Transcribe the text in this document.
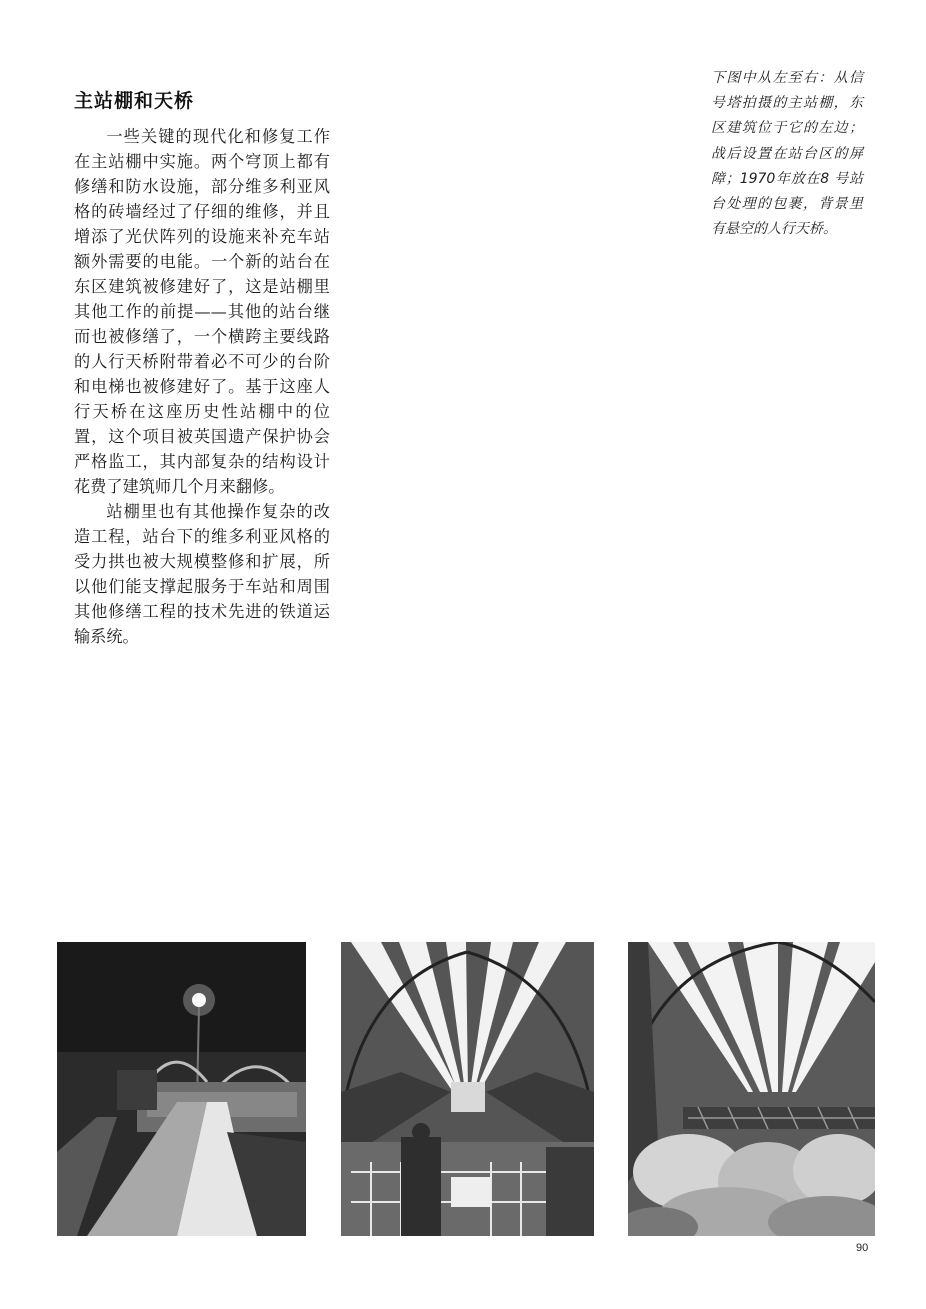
主站棚和天桥

一些关键的现代化和修复工作在主站棚中实施。两个穹顶上都有修缮和防水设施，部分维多利亚风格的砖墙经过了仔细的维修，并且增添了光伏阵列的设施来补充车站额外需要的电能。一个新的站台在东区建筑被修建好了，这是站棚里其他工作的前提——其他的站台继而也被修缮了，一个横跨主要线路的人行天桥附带着必不可少的台阶和电梯也被修建好了。基于这座人行天桥在这座历史性站棚中的位置，这个项目被英国遗产保护协会严格监工，其内部复杂的结构设计花费了建筑师几个月来翻修。

站棚里也有其他操作复杂的改造工程，站台下的维多利亚风格的受力拱也被大规模整修和扩展，所以他们能支撑起服务于车站和周围其他修缮工程的技术先进的铁道运输系统。

下图中从左至右：从信号塔拍摄的主站棚，东区建筑位于它的左边；战后设置在站台区的屏障；1970年放在8 号站台处理的包裹，背景里有悬空的人行天桥。
90
